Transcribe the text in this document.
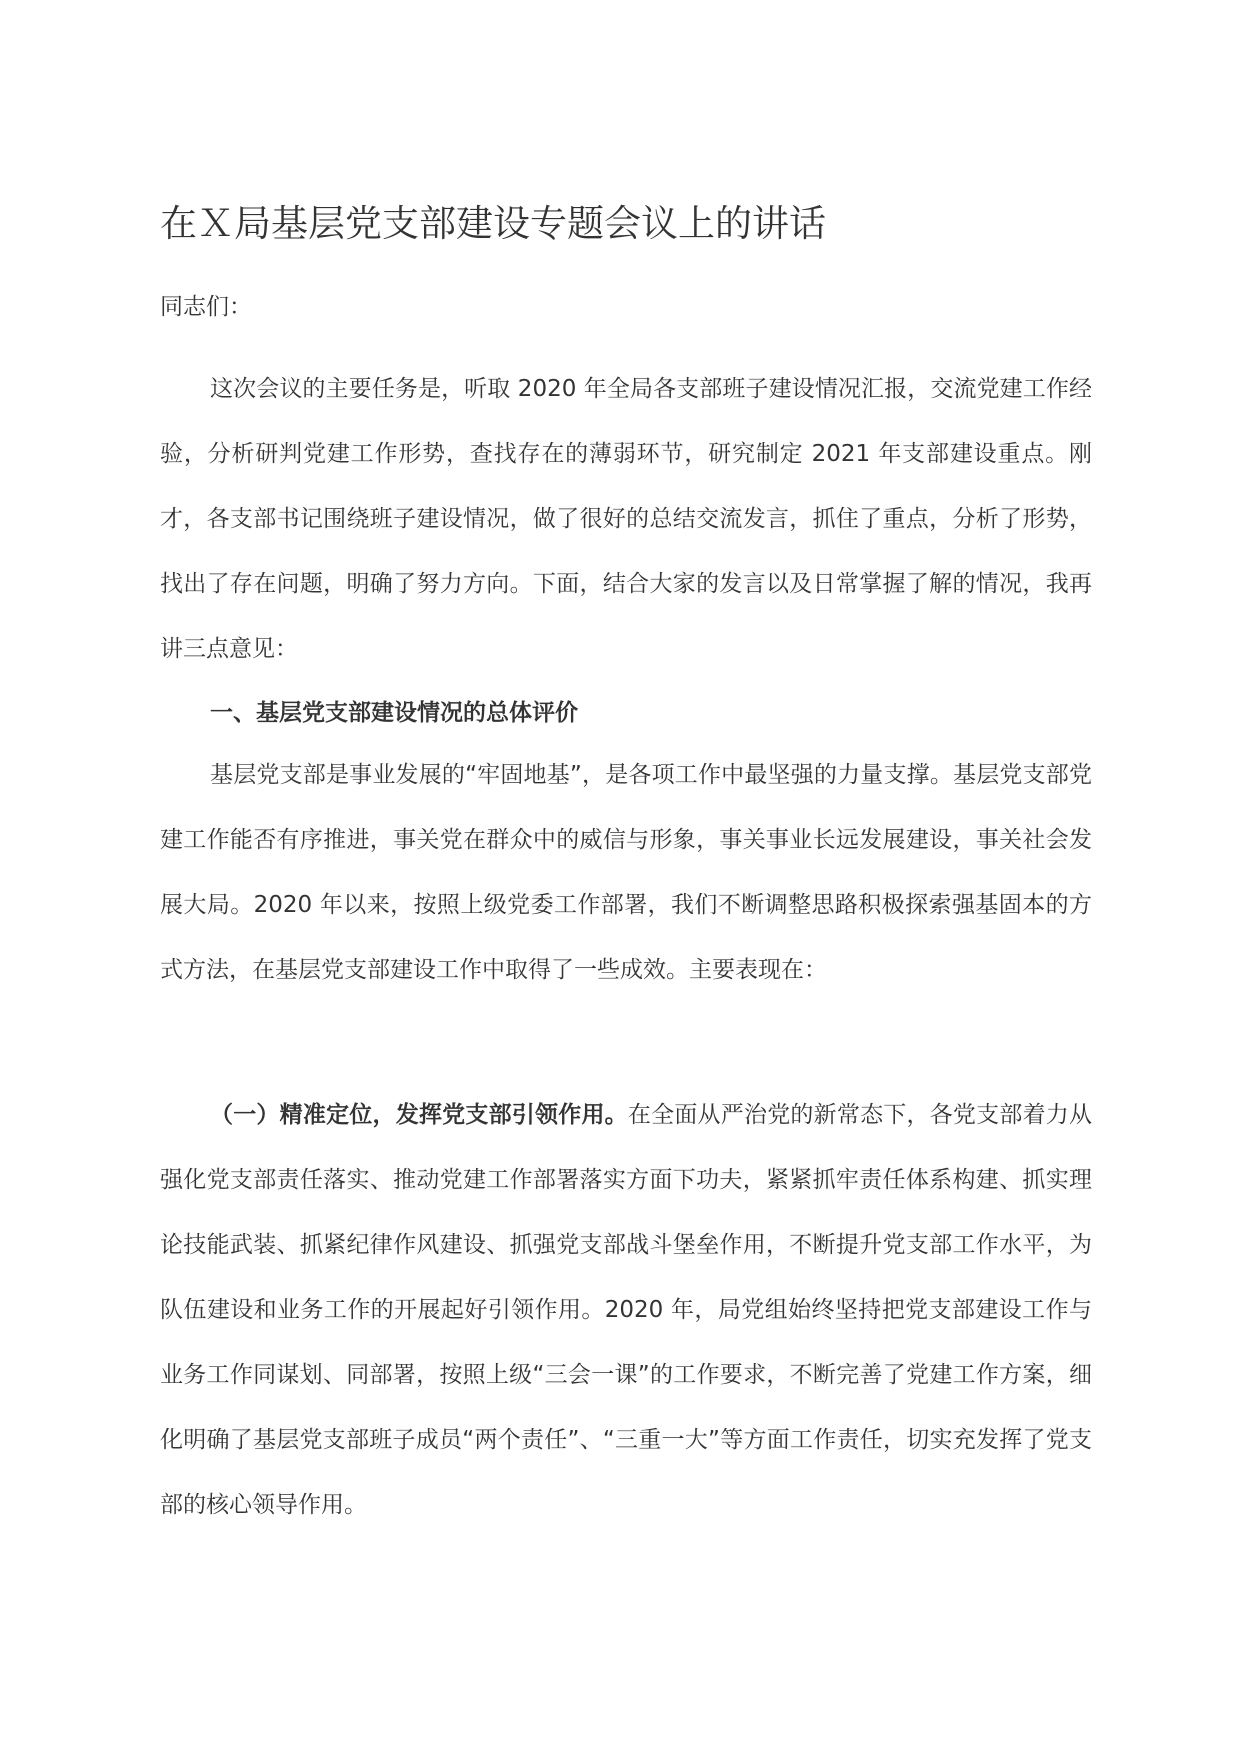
在Ｘ局基层党支部建设专题会议上的讲话

同志们：

这次会议的主要任务是，听取 2020 年全局各支部班子建设情况汇报，交流党建工作经验，分析研判党建工作形势，查找存在的薄弱环节，研究制定 2021 年支部建设重点。刚才，各支部书记围绕班子建设情况，做了很好的总结交流发言，抓住了重点，分析了形势，找出了存在问题，明确了努力方向。下面，结合大家的发言以及日常掌握了解的情况，我再讲三点意见：

一、基层党支部建设情况的总体评价

基层党支部是事业发展的“牢固地基”，是各项工作中最坚强的力量支撑。基层党支部党建工作能否有序推进，事关党在群众中的威信与形象，事关事业长远发展建设，事关社会发展大局。2020 年以来，按照上级党委工作部署，我们不断调整思路积极探索强基固本的方式方法，在基层党支部建设工作中取得了一些成效。主要表现在：

（一）精准定位，发挥党支部引领作用。在全面从严治党的新常态下，各党支部着力从强化党支部责任落实、推动党建工作部署落实方面下功夫，紧紧抓牢责任体系构建、抓实理论技能武装、抓紧纪律作风建设、抓强党支部战斗堡垒作用，不断提升党支部工作水平，为队伍建设和业务工作的开展起好引领作用。2020 年，局党组始终坚持把党支部建设工作与业务工作同谋划、同部署，按照上级“三会一课”的工作要求，不断完善了党建工作方案，细化明确了基层党支部班子成员“两个责任”、“三重一大”等方面工作责任，切实充发挥了党支部的核心领导作用。
